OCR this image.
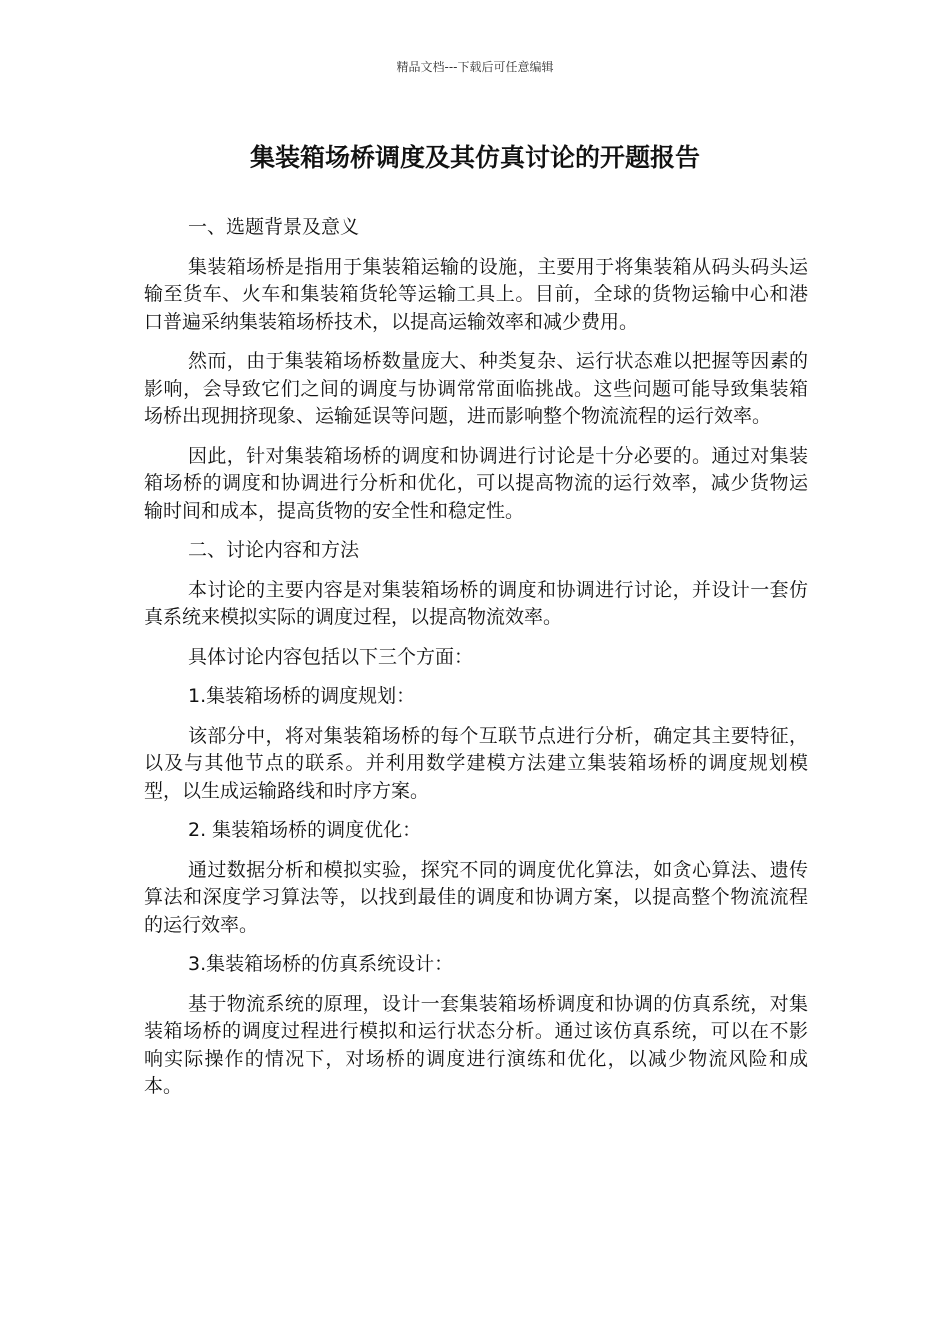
精品文档---下载后可任意编辑
集装箱场桥调度及其仿真讨论的开题报告

一、选题背景及意义

集装箱场桥是指用于集装箱运输的设施，主要用于将集装箱从码头码头运输至货车、火车和集装箱货轮等运输工具上。目前，全球的货物运输中心和港口普遍采纳集装箱场桥技术，以提高运输效率和减少费用。

然而，由于集装箱场桥数量庞大、种类复杂、运行状态难以把握等因素的影响，会导致它们之间的调度与协调常常面临挑战。这些问题可能导致集装箱场桥出现拥挤现象、运输延误等问题，进而影响整个物流流程的运行效率。

因此，针对集装箱场桥的调度和协调进行讨论是十分必要的。通过对集装箱场桥的调度和协调进行分析和优化，可以提高物流的运行效率，减少货物运输时间和成本，提高货物的安全性和稳定性。

二、讨论内容和方法

本讨论的主要内容是对集装箱场桥的调度和协调进行讨论，并设计一套仿真系统来模拟实际的调度过程，以提高物流效率。

具体讨论内容包括以下三个方面：

1.集装箱场桥的调度规划：

该部分中，将对集装箱场桥的每个互联节点进行分析，确定其主要特征，以及与其他节点的联系。并利用数学建模方法建立集装箱场桥的调度规划模型，以生成运输路线和时序方案。

2. 集装箱场桥的调度优化：

通过数据分析和模拟实验，探究不同的调度优化算法，如贪心算法、遗传算法和深度学习算法等，以找到最佳的调度和协调方案，以提高整个物流流程的运行效率。

3.集装箱场桥的仿真系统设计：

基于物流系统的原理，设计一套集装箱场桥调度和协调的仿真系统，对集装箱场桥的调度过程进行模拟和运行状态分析。通过该仿真系统，可以在不影响实际操作的情况下，对场桥的调度进行演练和优化，以减少物流风险和成本。
